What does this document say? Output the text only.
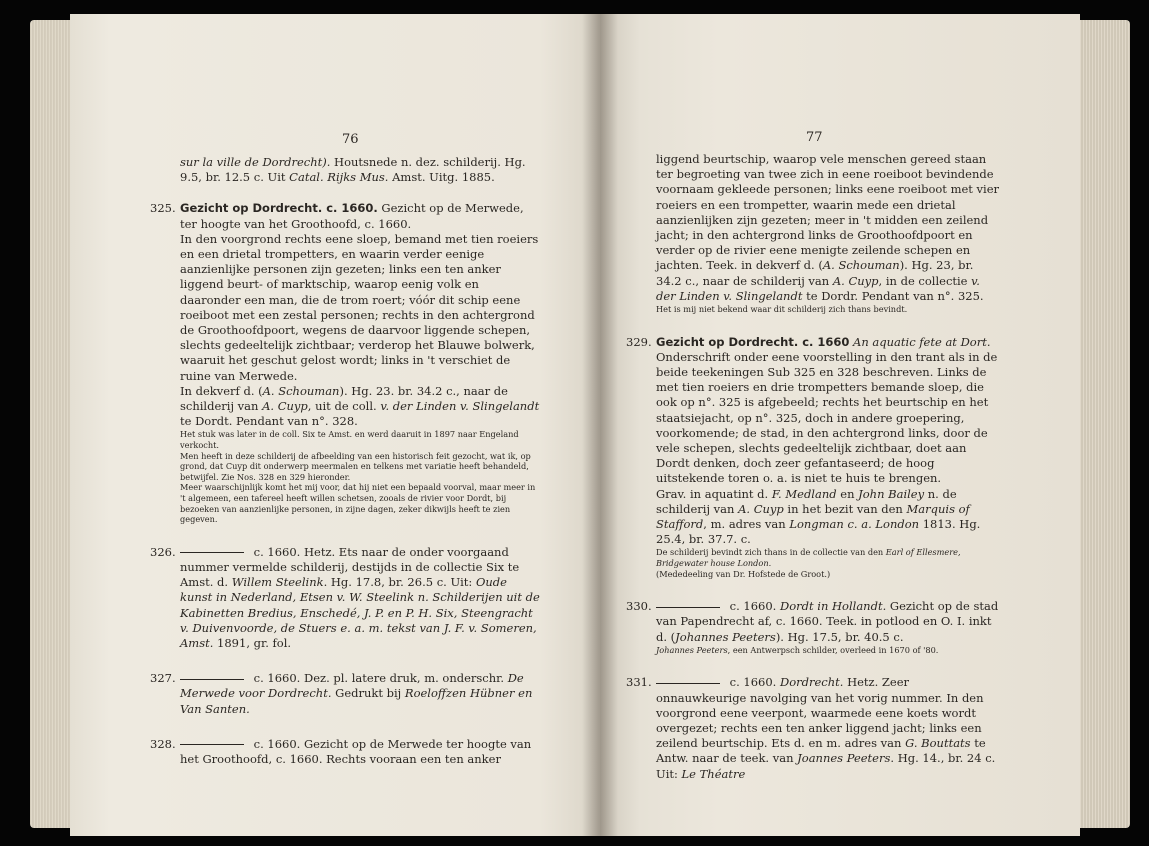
76

sur la ville de Dordrecht). Houtsnede n. dez. schilderij. Hg. 9.5, br. 12.5 c. Uit Catal. Rijks Mus. Amst. Uitg. 1885.

325. Gezicht op Dordrecht. c. 1660. Gezicht op de Merwede, ter hoogte van het Groothoofd, c. 1660.

In den voorgrond rechts eene sloep, bemand met tien roeiers en een drietal trompetters, en waarin verder eenige aanzienlijke personen zijn gezeten; links een ten anker liggend beurt- of marktschip, waarop eenig volk en daaronder een man, die de trom roert; vóór dit schip eene roeiboot met een zestal personen; rechts in den achtergrond de Groothoofdpoort, wegens de daarvoor liggende schepen, slechts gedeeltelijk zichtbaar; verderop het Blauwe bolwerk, waaruit het geschut gelost wordt; links in 't verschiet de ruine van Merwede.

In dekverf d. (A. Schouman). Hg. 23. br. 34.2 c., naar de schilderij van A. Cuyp, uit de coll. v. der Linden v. Slingelandt te Dordt. Pendant van n°. 328.

Het stuk was later in de coll. Six te Amst. en werd daaruit in 1897 naar Engeland verkocht.

Men heeft in deze schilderij de afbeelding van een historisch feit gezocht, wat ik, op grond, dat Cuyp dit onderwerp meermalen en telkens met variatie heeft behandeld, betwijfel. Zie Nos. 328 en 329 hieronder.

Meer waarschijnlijk komt het mij voor, dat hij niet een bepaald voorval, maar meer in 't algemeen, een tafereel heeft willen schetsen, zooals de rivier voor Dordt, bij bezoeken van aanzienlijke personen, in zijne dagen, zeker dikwijls heeft te zien gegeven.

326.	c. 1660. Hetz. Ets naar de onder voorgaand nummer vermelde schilderij, destijds in de collectie Six te Amst. d. Willem Steelink. Hg. 17.8, br. 26.5 c. Uit: Oude kunst in Nederland, Etsen v. W. Steelink n. Schilderijen uit de Kabinetten Bredius, Enschedé, J. P. en P. H. Six, Steengracht v. Duivenvoorde, de Stuers e. a. m. tekst van J. F. v. Someren, Amst. 1891, gr. fol.

327.	c. 1660. Dez. pl. latere druk, m. onderschr. De Merwede voor Dordrecht. Gedrukt bij Roeloffzen Hübner en Van Santen.

328.	c. 1660. Gezicht op de Merwede ter hoogte van het Groothoofd, c. 1660. Rechts vooraan een ten anker

77

liggend beurtschip, waarop vele menschen gereed staan ter begroeting van twee zich in eene roeiboot bevindende voornaam gekleede personen; links eene roeiboot met vier roeiers en een trompetter, waarin mede een drietal aanzienlijken zijn gezeten; meer in 't midden een zeilend jacht; in den achtergrond links de Groothoofdpoort en verder op de rivier eene menigte zeilende schepen en jachten. Teek. in dekverf d. (A. Schouman). Hg. 23, br. 34.2 c., naar de schilderij van A. Cuyp, in de collectie v. der Linden v. Slingelandt te Dordr. Pendant van n°. 325.

Het is mij niet bekend waar dit schilderij zich thans bevindt.

329. Gezicht op Dordrecht. c. 1660 An aquatic fete at Dort. Onderschrift onder eene voorstelling in den trant als in de beide teekeningen Sub 325 en 328 beschreven. Links de met tien roeiers en drie trompetters bemande sloep, die ook op n°. 325 is afgebeeld; rechts het beurtschip en het staatsiejacht, op n°. 325, doch in andere groepering, voorkomende; de stad, in den achtergrond links, door de vele schepen, slechts gedeeltelijk zichtbaar, doet aan Dordt denken, doch zeer gefantaseerd; de hoog uitstekende toren o. a. is niet te huis te brengen.

Grav. in aquatint d. F. Medland en John Bailey n. de schilderij van A. Cuyp in het bezit van den Marquis of Stafford, m. adres van Longman c. a. London 1813. Hg. 25.4, br. 37.7. c.

De schilderij bevindt zich thans in de collectie van den Earl of Ellesmere, Bridgewater house London.

(Mededeeling van Dr. Hofstede de Groot.)

330.	c. 1660. Dordt in Hollandt. Gezicht op de stad van Papendrecht af, c. 1660. Teek. in potlood en O. I. inkt d. (Johannes Peeters). Hg. 17.5, br. 40.5 c.

Johannes Peeters, een Antwerpsch schilder, overleed in 1670 of '80.

331.	c. 1660. Dordrecht. Hetz. Zeer onnauwkeurige navolging van het vorig nummer. In den voorgrond eene veerpont, waarmede eene koets wordt overgezet; rechts een ten anker liggend jacht; links een zeilend beurtschip. Ets d. en m. adres van G. Bouttats te Antw. naar de teek. van Joannes Peeters. Hg. 14., br. 24 c. Uit: Le Théatre
